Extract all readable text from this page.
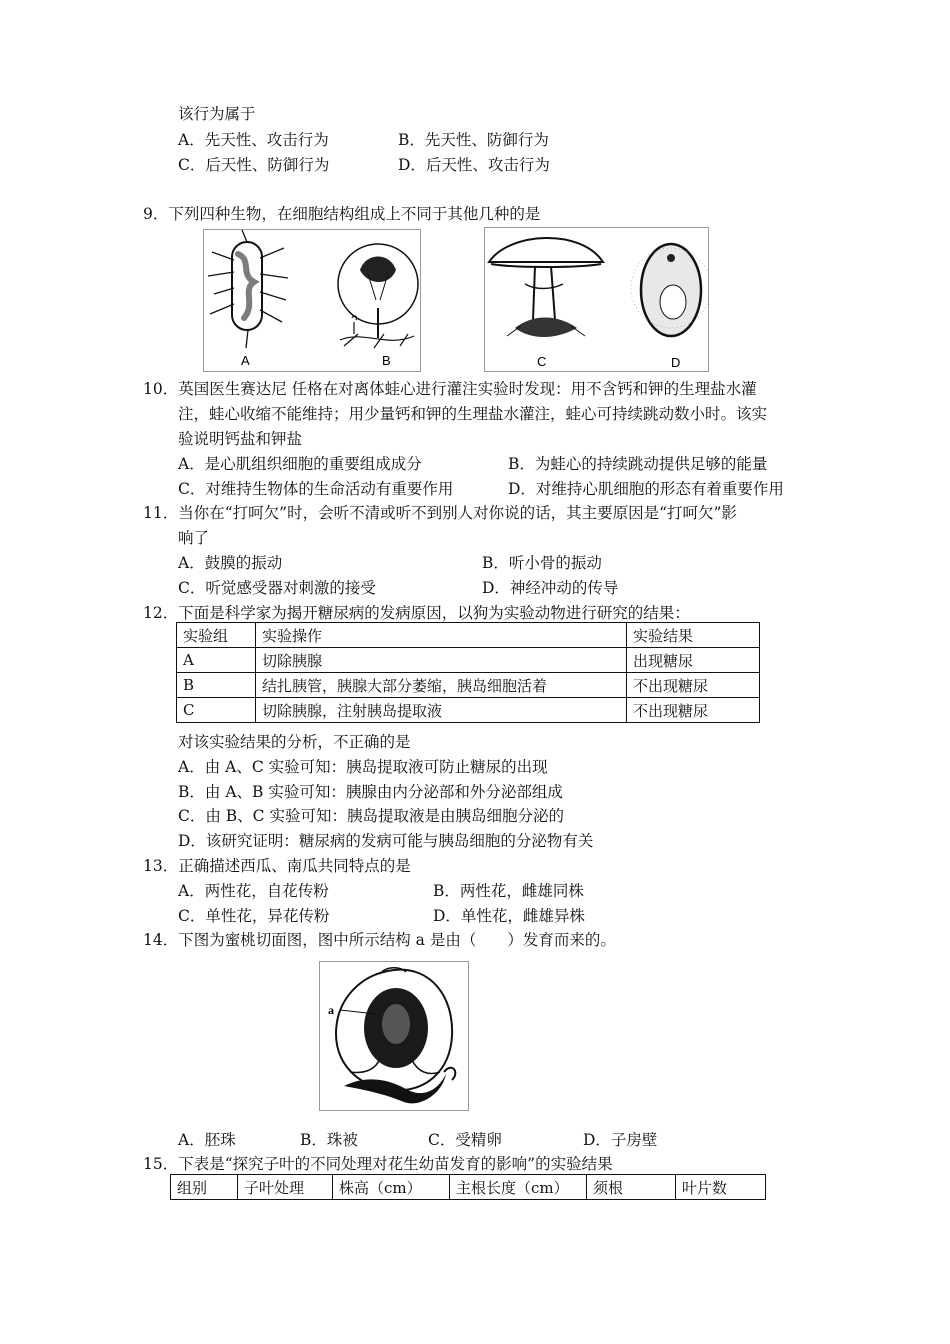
该行为属于
A．先天性、攻击行为	B．先天性、防御行为
C．后天性、防御行为	D．后天性、攻击行为
9．下列四种生物，在细胞结构组成上不同于其他几种的是
A	B	C	D
10．英国医生赛达尼 任格在对离体蛙心进行灌注实验时发现：用不含钙和钾的生理盐水灌
注，蛙心收缩不能维持；用少量钙和钾的生理盐水灌注，蛙心可持续跳动数小时。该实
验说明钙盐和钾盐
A．是心肌组织细胞的重要组成成分	B．为蛙心的持续跳动提供足够的能量
C．对维持生物体的生命活动有重要作用	D．对维持心肌细胞的形态有着重要作用
11．当你在“打呵欠”时，会听不清或听不到别人对你说的话，其主要原因是“打呵欠”影
响了
A．鼓膜的振动	B．听小骨的振动
C．听觉感受器对刺激的接受	D．神经冲动的传导
12．下面是科学家为揭开糖尿病的发病原因，以狗为实验动物进行研究的结果：
实验组	实验操作	实验结果
A	切除胰腺	出现糖尿
B	结扎胰管，胰腺大部分萎缩，胰岛细胞活着	不出现糖尿
C	切除胰腺，注射胰岛提取液	不出现糖尿
对该实验结果的分析，不正确的是
A．由 A、C 实验可知：胰岛提取液可防止糖尿的出现
B．由 A、B 实验可知：胰腺由内分泌部和外分泌部组成
C．由 B、C 实验可知：胰岛提取液是由胰岛细胞分泌的
D．该研究证明：糖尿病的发病可能与胰岛细胞的分泌物有关
13．正确描述西瓜、南瓜共同特点的是
A．两性花，自花传粉	B．两性花，雌雄同株
C．单性花，异花传粉	D．单性花，雌雄异株
14．下图为蜜桃切面图，图中所示结构 a 是由（　　）发育而来的。
a
A．胚珠	B．珠被	C．受精卵	D．子房壁
15．下表是“探究子叶的不同处理对花生幼苗发育的影响”的实验结果
组别	子叶处理	株高（cm）	主根长度（cm）	须根	叶片数
